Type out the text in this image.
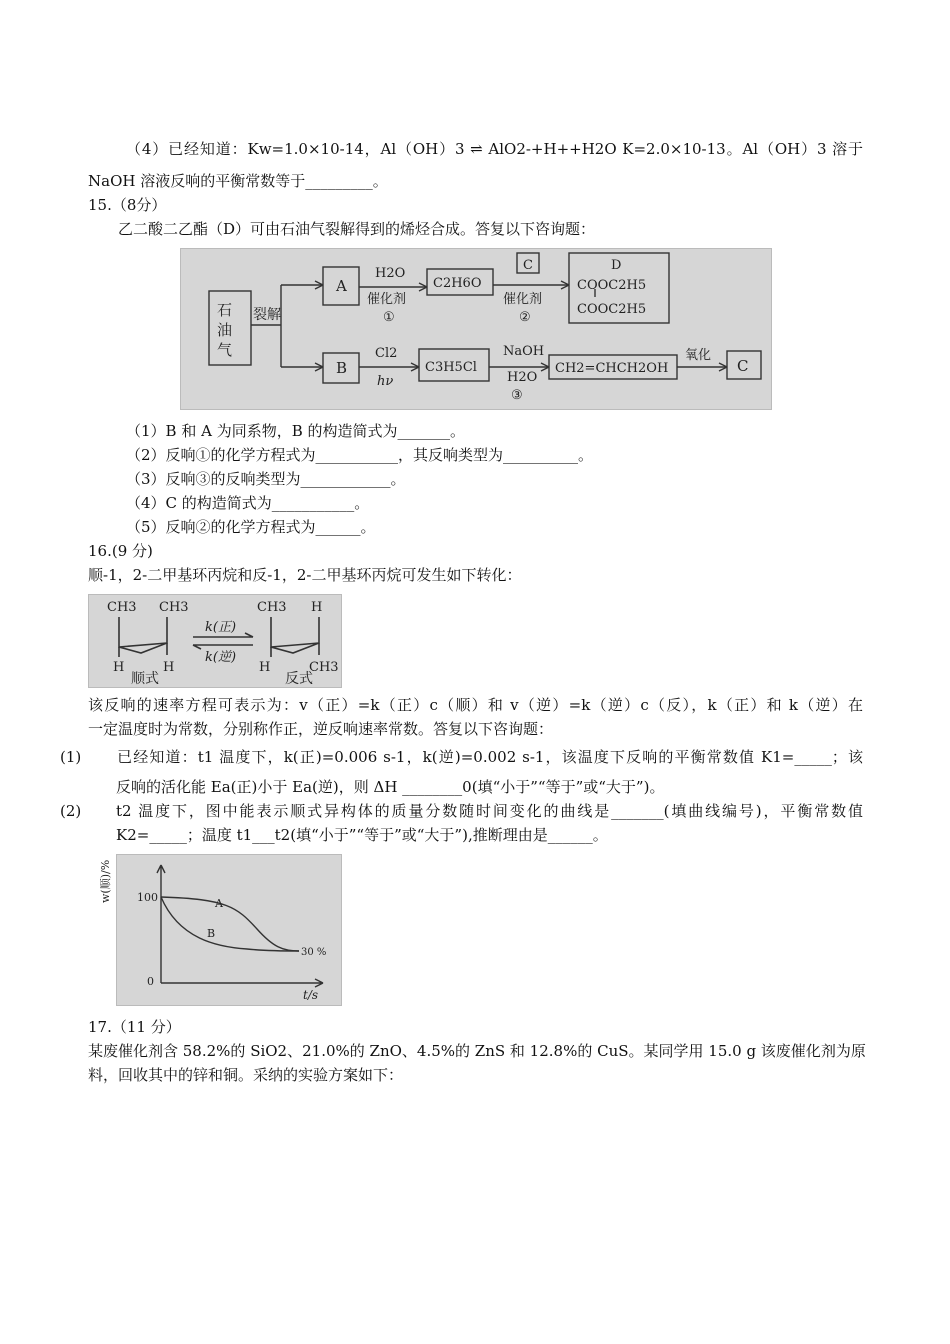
（4）已经知道：Kw=1.0×10-14，Al（OH）3 ⇌ AlO2-+H++H2O K=2.0×10-13。Al（OH）3 溶于

NaOH 溶液反响的平衡常数等于_________。

15.（8分）

乙二酸二乙酯（D）可由石油气裂解得到的烯烃合成。答复以下咨询题：

石
油
气
裂解
A
H2O
催化剂
①
C2H6O
C
催化剂
②
D
COOC2H5
COOC2H5
B
Cl2
hν
C3H5Cl
NaOH
H2O
③
CH2=CHCH2OH
氧化
C

（1）B 和 A 为同系物，B 的构造简式为_______。

（2）反响①的化学方程式为___________，其反响类型为__________。

（3）反响③的反响类型为____________。

（4）C 的构造简式为___________。

（5）反响②的化学方程式为______。

16.(9 分)

顺-1，2-二甲基环丙烷和反-1，2-二甲基环丙烷可发生如下转化：

CH3 CH3
H	H
k(正)
k(逆)
CH3 H
H	CH3
顺式	反式

该反响的速率方程可表示为：v（正）=k（正）c（顺）和 v（逆）=k（逆）c（反），k（正）和 k（逆）在

一定温度时为常数，分别称作正，逆反响速率常数。答复以下咨询题：

(1) 已经知道：t1 温度下，k(正)=0.006 s-1，k(逆)=0.002 s-1，该温度下反响的平衡常数值 K1=_____；该

反响的活化能 Ea(正)小于 Ea(逆)，则 ΔH ________0(填“小于”“等于”或“大于”)。

(2) t2 温度下，图中能表示顺式异构体的质量分数随时间变化的曲线是_______(填曲线编号)，平衡常数值

K2=_____；温度 t1___t2(填“小于”“等于”或“大于”),推断理由是______。

w(顺)/% 100
0
t/s
A
B
30 %

17.（11 分）

某废催化剂含 58.2%的 SiO2、21.0%的 ZnO、4.5%的 ZnS 和 12.8%的 CuS。某同学用 15.0 g 该废催化剂为原

料，回收其中的锌和铜。采纳的实验方案如下：
